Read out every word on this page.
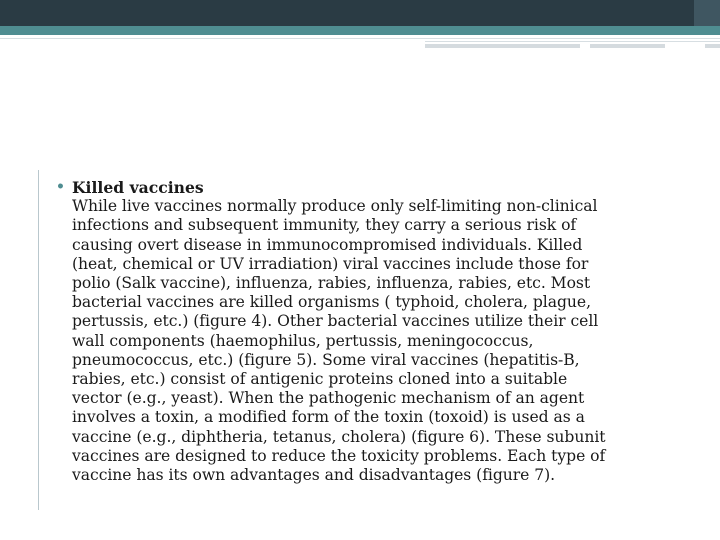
• Killed vaccines
While live vaccines normally produce only self-limiting non-clinical
infections and subsequent immunity, they carry a serious risk of
causing overt disease in immunocompromised individuals. Killed
(heat, chemical or UV irradiation) viral vaccines include those for
polio (Salk vaccine), influenza, rabies, influenza, rabies, etc. Most
bacterial vaccines are killed organisms ( typhoid, cholera, plague,
pertussis, etc.) (figure 4). Other bacterial vaccines utilize their cell
wall components (haemophilus, pertussis, meningococcus,
pneumococcus, etc.) (figure 5). Some viral vaccines (hepatitis-B,
rabies, etc.) consist of antigenic proteins cloned into a suitable
vector (e.g., yeast). When the pathogenic mechanism of an agent
involves a toxin, a modified form of the toxin (toxoid) is used as a
vaccine (e.g., diphtheria, tetanus, cholera) (figure 6). These subunit
vaccines are designed to reduce the toxicity problems. Each type of
vaccine has its own advantages and disadvantages (figure 7).
